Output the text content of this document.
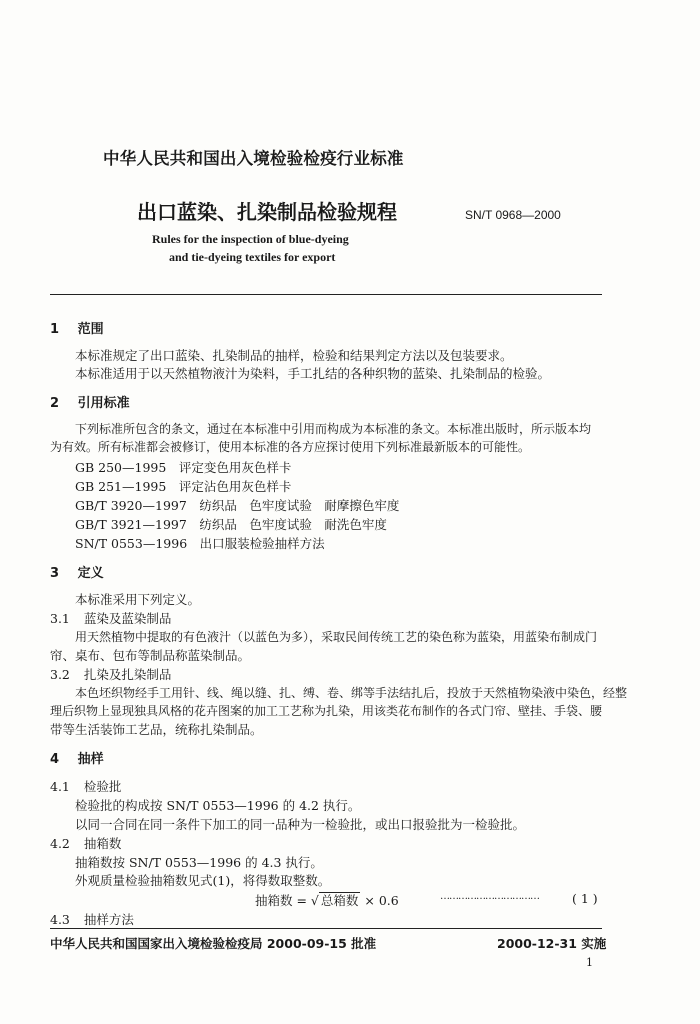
中华人民共和国出入境检验检疫行业标准
出口蓝染、扎染制品检验规程	SN/T 0968—2000
Rules for the inspection of blue-dyeing
and tie-dyeing textiles for export
1 范围
本标准规定了出口蓝染、扎染制品的抽样，检验和结果判定方法以及包装要求。
本标准适用于以天然植物液汁为染料，手工扎结的各种织物的蓝染、扎染制品的检验。
2 引用标准
下列标准所包含的条文，通过在本标准中引用而构成为本标准的条文。本标准出版时，所示版本均
为有效。所有标准都会被修订，使用本标准的各方应探讨使用下列标准最新版本的可能性。
GB 250—1995　评定变色用灰色样卡
GB 251—1995　评定沾色用灰色样卡
GB/T 3920—1997　纺织品　色牢度试验　耐摩擦色牢度
GB/T 3921—1997　纺织品　色牢度试验　耐洗色牢度
SN/T 0553—1996　出口服装检验抽样方法
3 定义
本标准采用下列定义。
3.1 蓝染及蓝染制品
用天然植物中提取的有色液汁（以蓝色为多），采取民间传统工艺的染色称为蓝染，用蓝染布制成门
帘、桌布、包布等制品称蓝染制品。
3.2 扎染及扎染制品
本色坯织物经手工用针、线、绳以缝、扎、缚、卷、绑等手法结扎后，投放于天然植物染液中染色，经整
理后织物上显现独具风格的花卉图案的加工工艺称为扎染，用该类花布制作的各式门帘、壁挂、手袋、腰
带等生活装饰工艺品，统称扎染制品。
4 抽样
4.1 检验批
检验批的构成按 SN/T 0553—1996 的 4.2 执行。
以同一合同在同一条件下加工的同一品种为一检验批，或出口报验批为一检验批。
4.2 抽箱数
抽箱数按 SN/T 0553—1996 的 4.3 执行。
外观质量检验抽箱数见式(1)，将得数取整数。
抽箱数 = √ 总箱数 × 0.6	……………………………	( 1 )
4.3 抽样方法
中华人民共和国国家出入境检验检疫局 2000-09-15 批准	2000-12-31 实施
1
